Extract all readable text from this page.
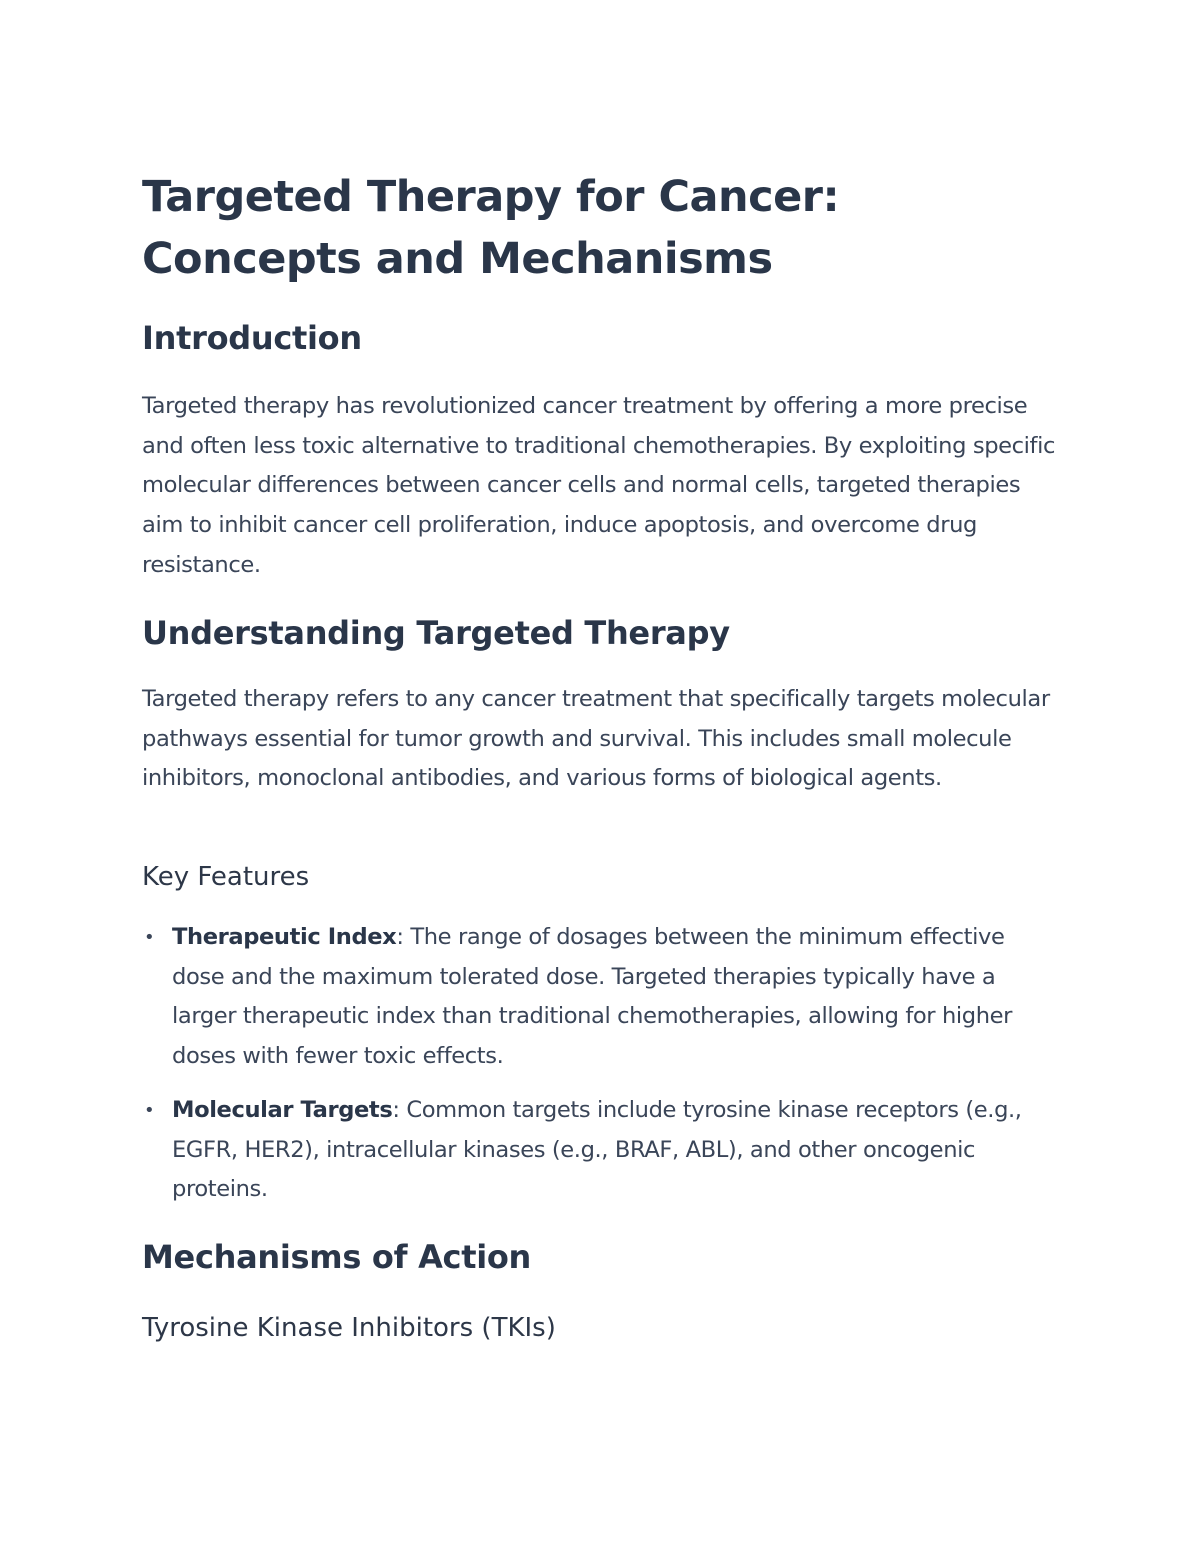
Targeted Therapy for Cancer: Concepts and Mechanisms
Introduction

Targeted therapy has revolutionized cancer treatment by offering a more precise and often less toxic alternative to traditional chemotherapies. By exploiting specific molecular differences between cancer cells and normal cells, targeted therapies aim to inhibit cancer cell proliferation, induce apoptosis, and overcome drug resistance.

Understanding Targeted Therapy

Targeted therapy refers to any cancer treatment that specifically targets molecular pathways essential for tumor growth and survival. This includes small molecule inhibitors, monoclonal antibodies, and various forms of biological agents.

Key Features
• Therapeutic Index: The range of dosages between the minimum effective dose and the maximum tolerated dose. Targeted therapies typically have a larger therapeutic index than traditional chemotherapies, allowing for higher doses with fewer toxic effects.
• Molecular Targets: Common targets include tyrosine kinase receptors (e.g., EGFR, HER2), intracellular kinases (e.g., BRAF, ABL), and other oncogenic proteins.
Mechanisms of Action
Tyrosine Kinase Inhibitors (TKIs)
